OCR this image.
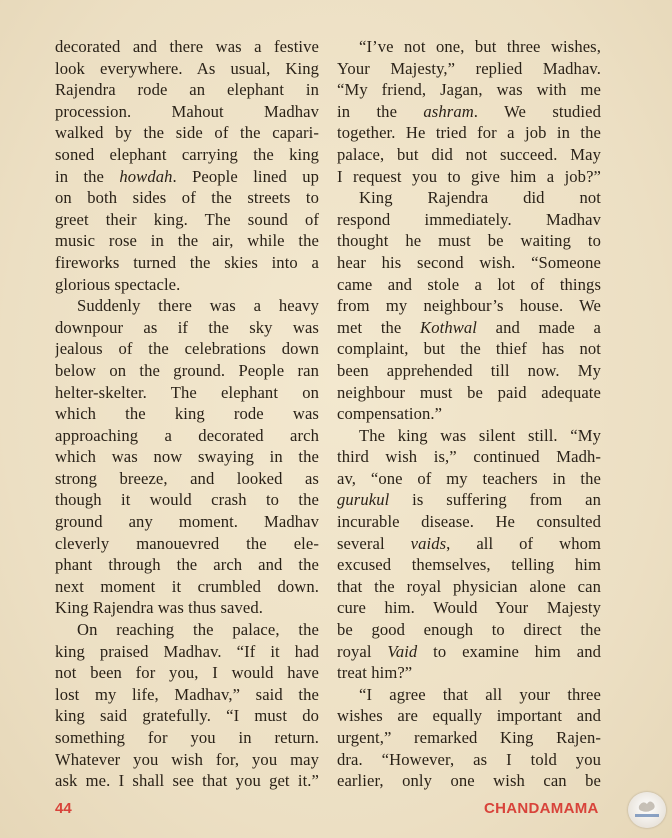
decorated and there was a festive
look everywhere. As usual, King
Rajendra rode an elephant in
procession. Mahout Madhav
walked by the side of the capari-
soned elephant carrying the king
in the howdah. People lined up
on both sides of the streets to
greet their king. The sound of
music rose in the air, while the
fireworks turned the skies into a
glorious spectacle.
Suddenly there was a heavy
downpour as if the sky was
jealous of the celebrations down
below on the ground. People ran
helter-skelter. The elephant on
which the king rode was
approaching a decorated arch
which was now swaying in the
strong breeze, and looked as
though it would crash to the
ground any moment. Madhav
cleverly manouevred the ele-
phant through the arch and the
next moment it crumbled down.
King Rajendra was thus saved.
On reaching the palace, the
king praised Madhav. “If it had
not been for you, I would have
lost my life, Madhav,” said the
king said gratefully. “I must do
something for you in return.
Whatever you wish for, you may
ask me. I shall see that you get it.”
“I’ve not one, but three wishes,
Your Majesty,” replied Madhav.
“My friend, Jagan, was with me
in the ashram. We studied
together. He tried for a job in the
palace, but did not succeed. May
I request you to give him a job?”
King Rajendra did not
respond immediately. Madhav
thought he must be waiting to
hear his second wish. “Someone
came and stole a lot of things
from my neighbour’s house. We
met the Kothwal and made a
complaint, but the thief has not
been apprehended till now. My
neighbour must be paid adequate
compensation.”
The king was silent still. “My
third wish is,” continued Madh-
av, “one of my teachers in the
gurukul is suffering from an
incurable disease. He consulted
several vaids, all of whom
excused themselves, telling him
that the royal physician alone can
cure him. Would Your Majesty
be good enough to direct the
royal Vaid to examine him and
treat him?”
“I agree that all your three
wishes are equally important and
urgent,” remarked King Rajen-
dra. “However, as I told you
earlier, only one wish can be
44	CHANDAMAMA
